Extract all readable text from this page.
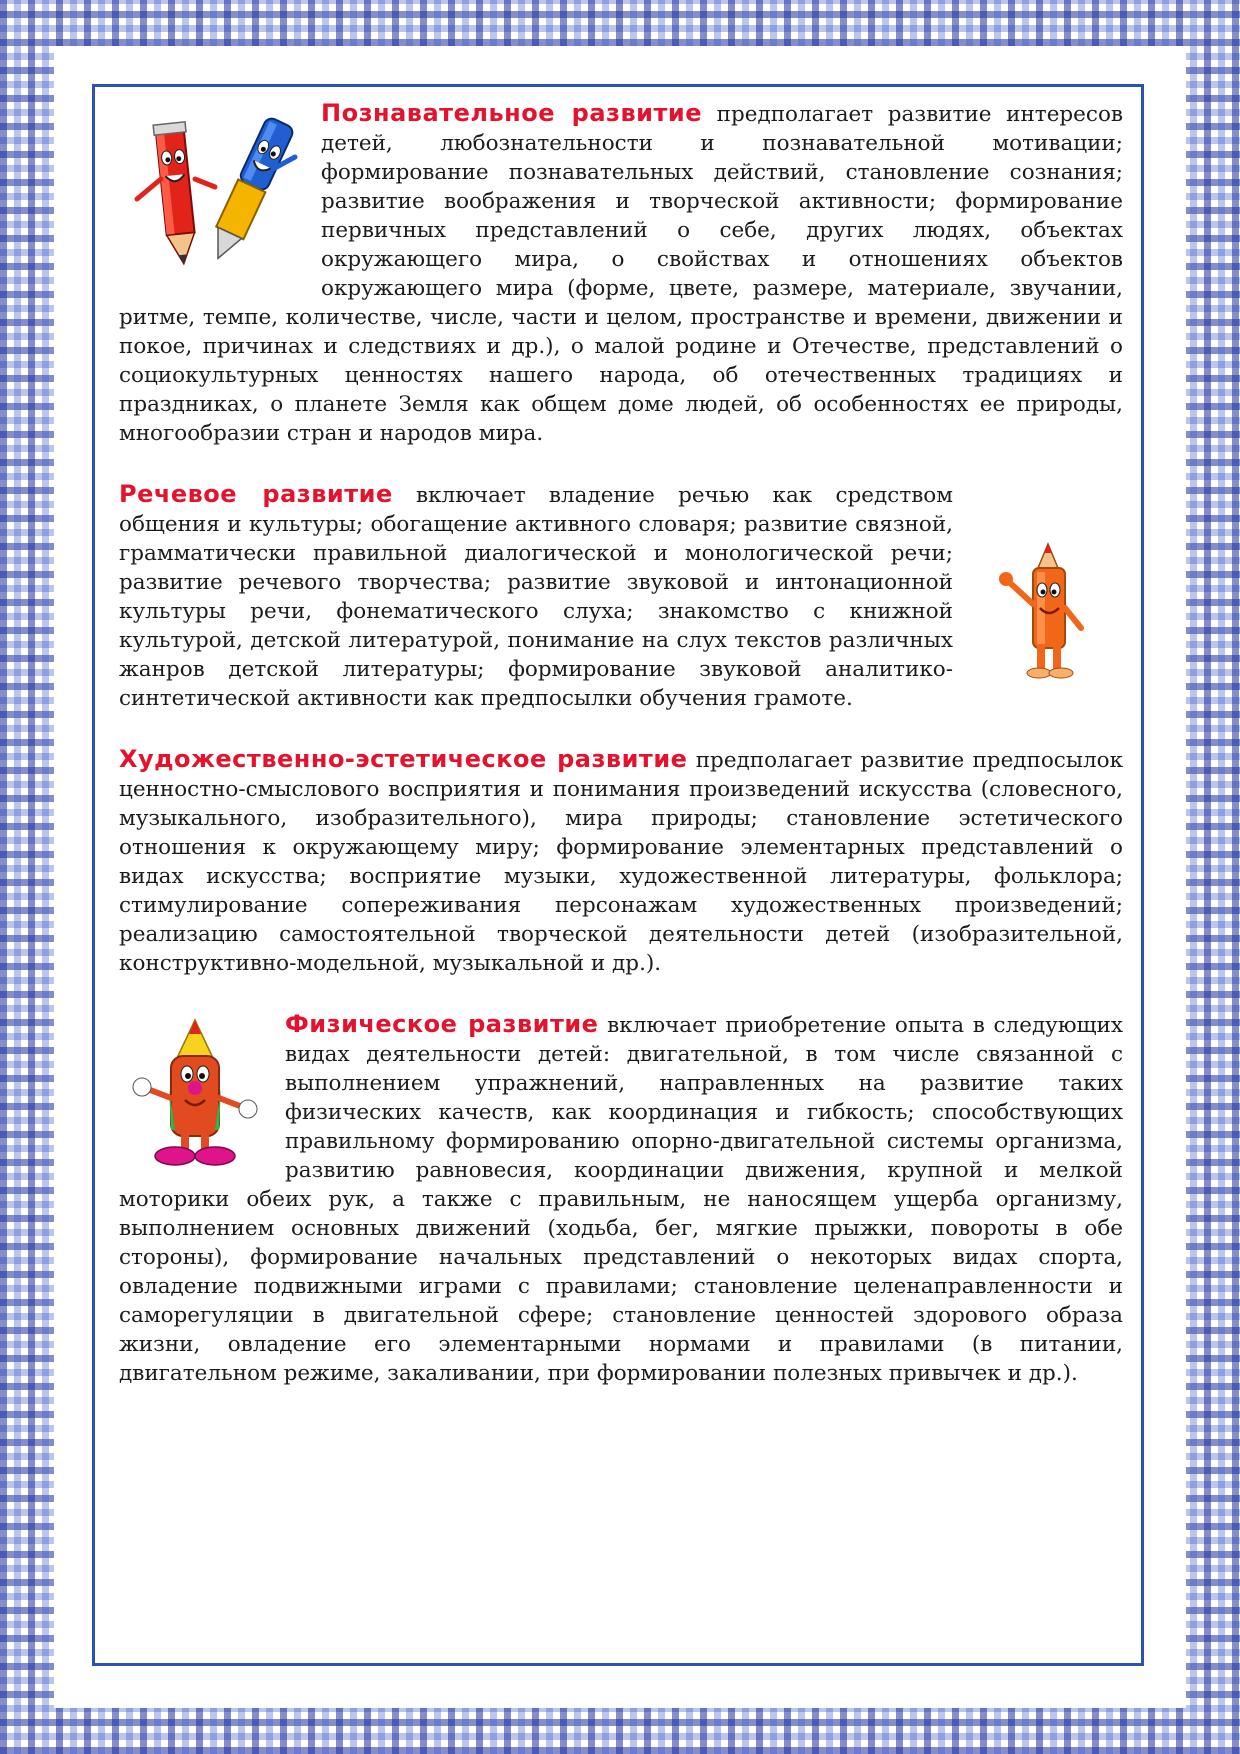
Познавательное развитие предполагает развитие интересов детей, любознательности и познавательной мотивации; формирование познавательных действий, становление сознания; развитие воображения и творческой активности; формирование первичных представлений о себе, других людях, объектах окружающего мира, о свойствах и отношениях объектов окружающего мира (форме, цвете, размере, материале, звучании, ритме, темпе, количестве, числе, части и целом, пространстве и времени, движении и покое, причинах и следствиях и др.), о малой родине и Отечестве, представлений о социокультурных ценностях нашего народа, об отечественных традициях и праздниках, о планете Земля как общем доме людей, об особенностях ее природы, многообразии стран и народов мира.

Речевое развитие включает владение речью как средством общения и культуры; обогащение активного словаря; развитие связной, грамматически правильной диалогической и монологической речи; развитие речевого творчества; развитие звуковой и интонационной культуры речи, фонематического слуха; знакомство с книжной культурой, детской литературой, понимание на слух текстов различных жанров детской литературы; формирование звуковой аналитико-синтетической активности как предпосылки обучения грамоте.

Художественно-эстетическое развитие предполагает развитие предпосылок ценностно-смыслового восприятия и понимания произведений искусства (словесного, музыкального, изобразительного), мира природы; становление эстетического отношения к окружающему миру; формирование элементарных представлений о видах искусства; восприятие музыки, художественной литературы, фольклора; стимулирование сопереживания персонажам художественных произведений; реализацию самостоятельной творческой деятельности детей (изобразительной, конструктивно-модельной, музыкальной и др.).

Физическое развитие включает приобретение опыта в следующих видах деятельности детей: двигательной, в том числе связанной с выполнением упражнений, направленных на развитие таких физических качеств, как координация и гибкость; способствующих правильному формированию опорно-двигательной системы организма, развитию равновесия, координации движения, крупной и мелкой моторики обеих рук, а также с правильным, не наносящем ущерба организму, выполнением основных движений (ходьба, бег, мягкие прыжки, повороты в обе стороны), формирование начальных представлений о некоторых видах спорта, овладение подвижными играми с правилами; становление целенаправленности и саморегуляции в двигательной сфере; становление ценностей здорового образа жизни, овладение его элементарными нормами и правилами (в питании, двигательном режиме, закаливании, при формировании полезных привычек и др.).
